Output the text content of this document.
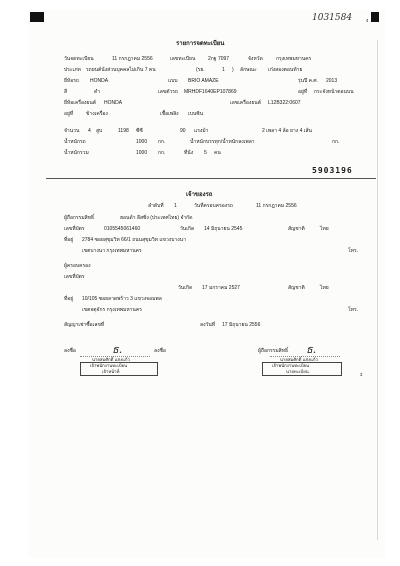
1031584	4
รายการจดทะเบียน
วันจดทะเบียน	11 กรกฎาคม 2556	เลขทะเบียน	2กฐ 7097	จังหวัด	กรุงเทพมหานคร
ประเภท รถยนต์นั่งส่วนบุคคลไม่เกิน 7 คน	(รย.	1 ) ลักษณะ เก๋งสองตอนท้าย
ยี่ห้อรถ HONDA	แบบ BRIO AMAZE	รุ่นปี ค.ศ. 2013
สี	ดำ	เลขตัวรถ MRHDF1640EP107869	อยู่ที่ กระจังหน้าตอนบน
ยี่ห้อเครื่องยนต์ HONDA	เลขเครื่องยนต์ L12B322:0607
อยู่ที่	ข้างเครื่อง	เชื้อเพลิง เบนซิน
จำนวน 4 สูบ	1198 ซีซี	90 แรงม้า	2 เพลา 4 ล้อ ยาง 4 เส้น
น้ำหนักรถ	1000 กก.	น้ำหนักบรรทุก/น้ำหนักลงเพลา	กก.
น้ำหนักรวม	1000 กก.	ที่นั่ง 5 คน
5903196
เจ้าของรถ
ลำดับที่ 1	วันที่ครอบครองรถ	11 กรกฎาคม 2556
ผู้ถือกรรมสิทธิ์	ฮอนด้า ลีสซิ่ง (ประเทศไทย) จำกัด
เลขที่บัตร	0105545061460	วันเกิด 14 มิถุนายน 2545	สัญชาติ	ไทย
ที่อยู่ 2784 ซอยสุขุมวิท 66/1 ถนนสุขุมวิท แขวงบางนา
เขตบางนา กรุงเทพมหานคร	โทร.
ผู้ครอบครอง
เลขที่บัตร
วันเกิด 17 มกราคม 2527	สัญชาติ	ไทย
ที่อยู่ 10/105 ซอยลาดพร้าว 3 แขวงจอมพล
เขตจตุจักร กรุงเทพมหานคร	โทร.
สัญญาเช่าซื้อเลขที่	ลงวันที่ 17 มิถุนายน 2556
ลงชื่อ	ธ.	ลงชื่อ
นายสมศักดิ์ แสงแก้ว
เจ้าพนักงานทะเบียน
เจ้าหน้าที่
ผู้ถือกรรมสิทธิ์ ธ.
นายสมศักดิ์ แสงแก้ว
เจ้าพนักงานทะเบียน
นายทะเบียน
3
